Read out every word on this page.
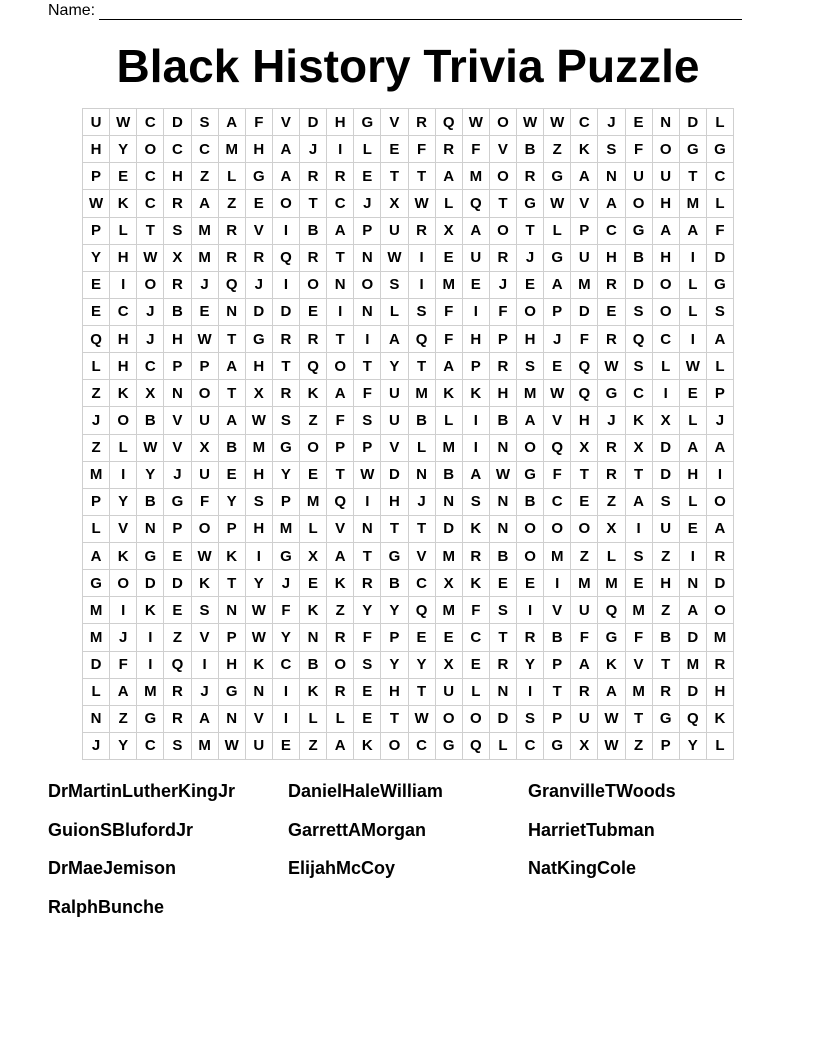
Name:
Black History Trivia Puzzle
U W C	D	S	A	F	V	D	H	G	V	R	Q W O W W C	J	E	N	D	L
H	Y	O	C	C	M	H	A	J	I	L	E	F	R	F	V	B	Z	K	S	F	O	G	G
P	E	C	H	Z	L	G	A	R	R	E	T	T	A	M	O	R	G	A	N	U	U	T	C
W K	C	R	A	Z	E	O	T	C	J	X	W	L	Q	T	G W	V	A	O	H	M	L
P	L	T	S	M	R	V	I	B	A	P	U	R	X	A	O	T	L	P	C	G	A	A	F
Y	H W	X	M	R	R	Q	R	T	N W	I	E	U	R	J	G	U	H	B	H	I	D
E	I	O	R	J	Q	J	I	O	N	O	S	I	M	E	J	E	A	M	R	D	O	L	G
E	C	J	B	E	N	D	D	E	I	N	L	S	F	I	F	O	P	D	E	S	O	L	S
Q	H	J	H W	T	G	R	R	T	I	A	Q	F	H	P	H	J	F	R	Q	C	I	A
L	H	C	P	P	A	H	T	Q	O	T	Y	T	A	P	R	S	E	Q W	S	L	W	L
Z	K	X	N	O	T	X	R	K	A	F	U	M	K	K	H	M W Q	G	C	I	E	P
J	O	B	V	U	A W	S	Z	F	S	U	B	L	I	B	A	V	H	J	K	X	L	J
Z	L	W	V	X	B	M	G	O	P	P	V	L	M	I	N	O	Q	X	R	X	D	A	A
M	I	Y	J	U	E	H	Y	E	T	W D	N	B	A W G	F	T	R	T	D	H	I
P	Y	B	G	F	Y	S	P	M	Q	I	H	J	N	S	N	B	C	E	Z	A	S	L	O
L	V	N	P	O	P	H	M	L	V	N	T	T	D	K	N	O	O	O	X	I	U	E	A
A	K	G	E	W K	I	G	X	A	T	G	V	M	R	B	O	M	Z	L	S	Z	I	R
G	O	D	D	K	T	Y	J	E	K	R	B	C	X	K	E	E	I	M M	E	H	N	D
M	I	K	E	S	N W	F	K	Z	Y	Y	Q	M	F	S	I	V	U	Q	M	Z	A	O
M	J	I	Z	V	P	W	Y	N	R	F	P	E	E	C	T	R	B	F	G	F	B	D	M
D	F	I	Q	I	H	K	C	B	O	S	Y	Y	X	E	R	Y	P	A	K	V	T	M	R
L	A	M	R	J	G	N	I	K	R	E	H	T	U	L	N	I	T	R	A	M	R	D	H
N	Z	G	R	A	N	V	I	L	L	E	T	W O	O	D	S	P	U W	T	G	Q	K
J	Y	C	S	M W U	E	Z	A	K	O	C	G	Q	L	C	G	X	W	Z	P	Y	L
DrMartinLutherKingJr	DanielHaleWilliam	GranvilleTWoods
GuionSBlufordJr	GarrettAMorgan	HarrietTubman
DrMaeJemison	ElijahMcCoy	NatKingCole
RalphBunche
